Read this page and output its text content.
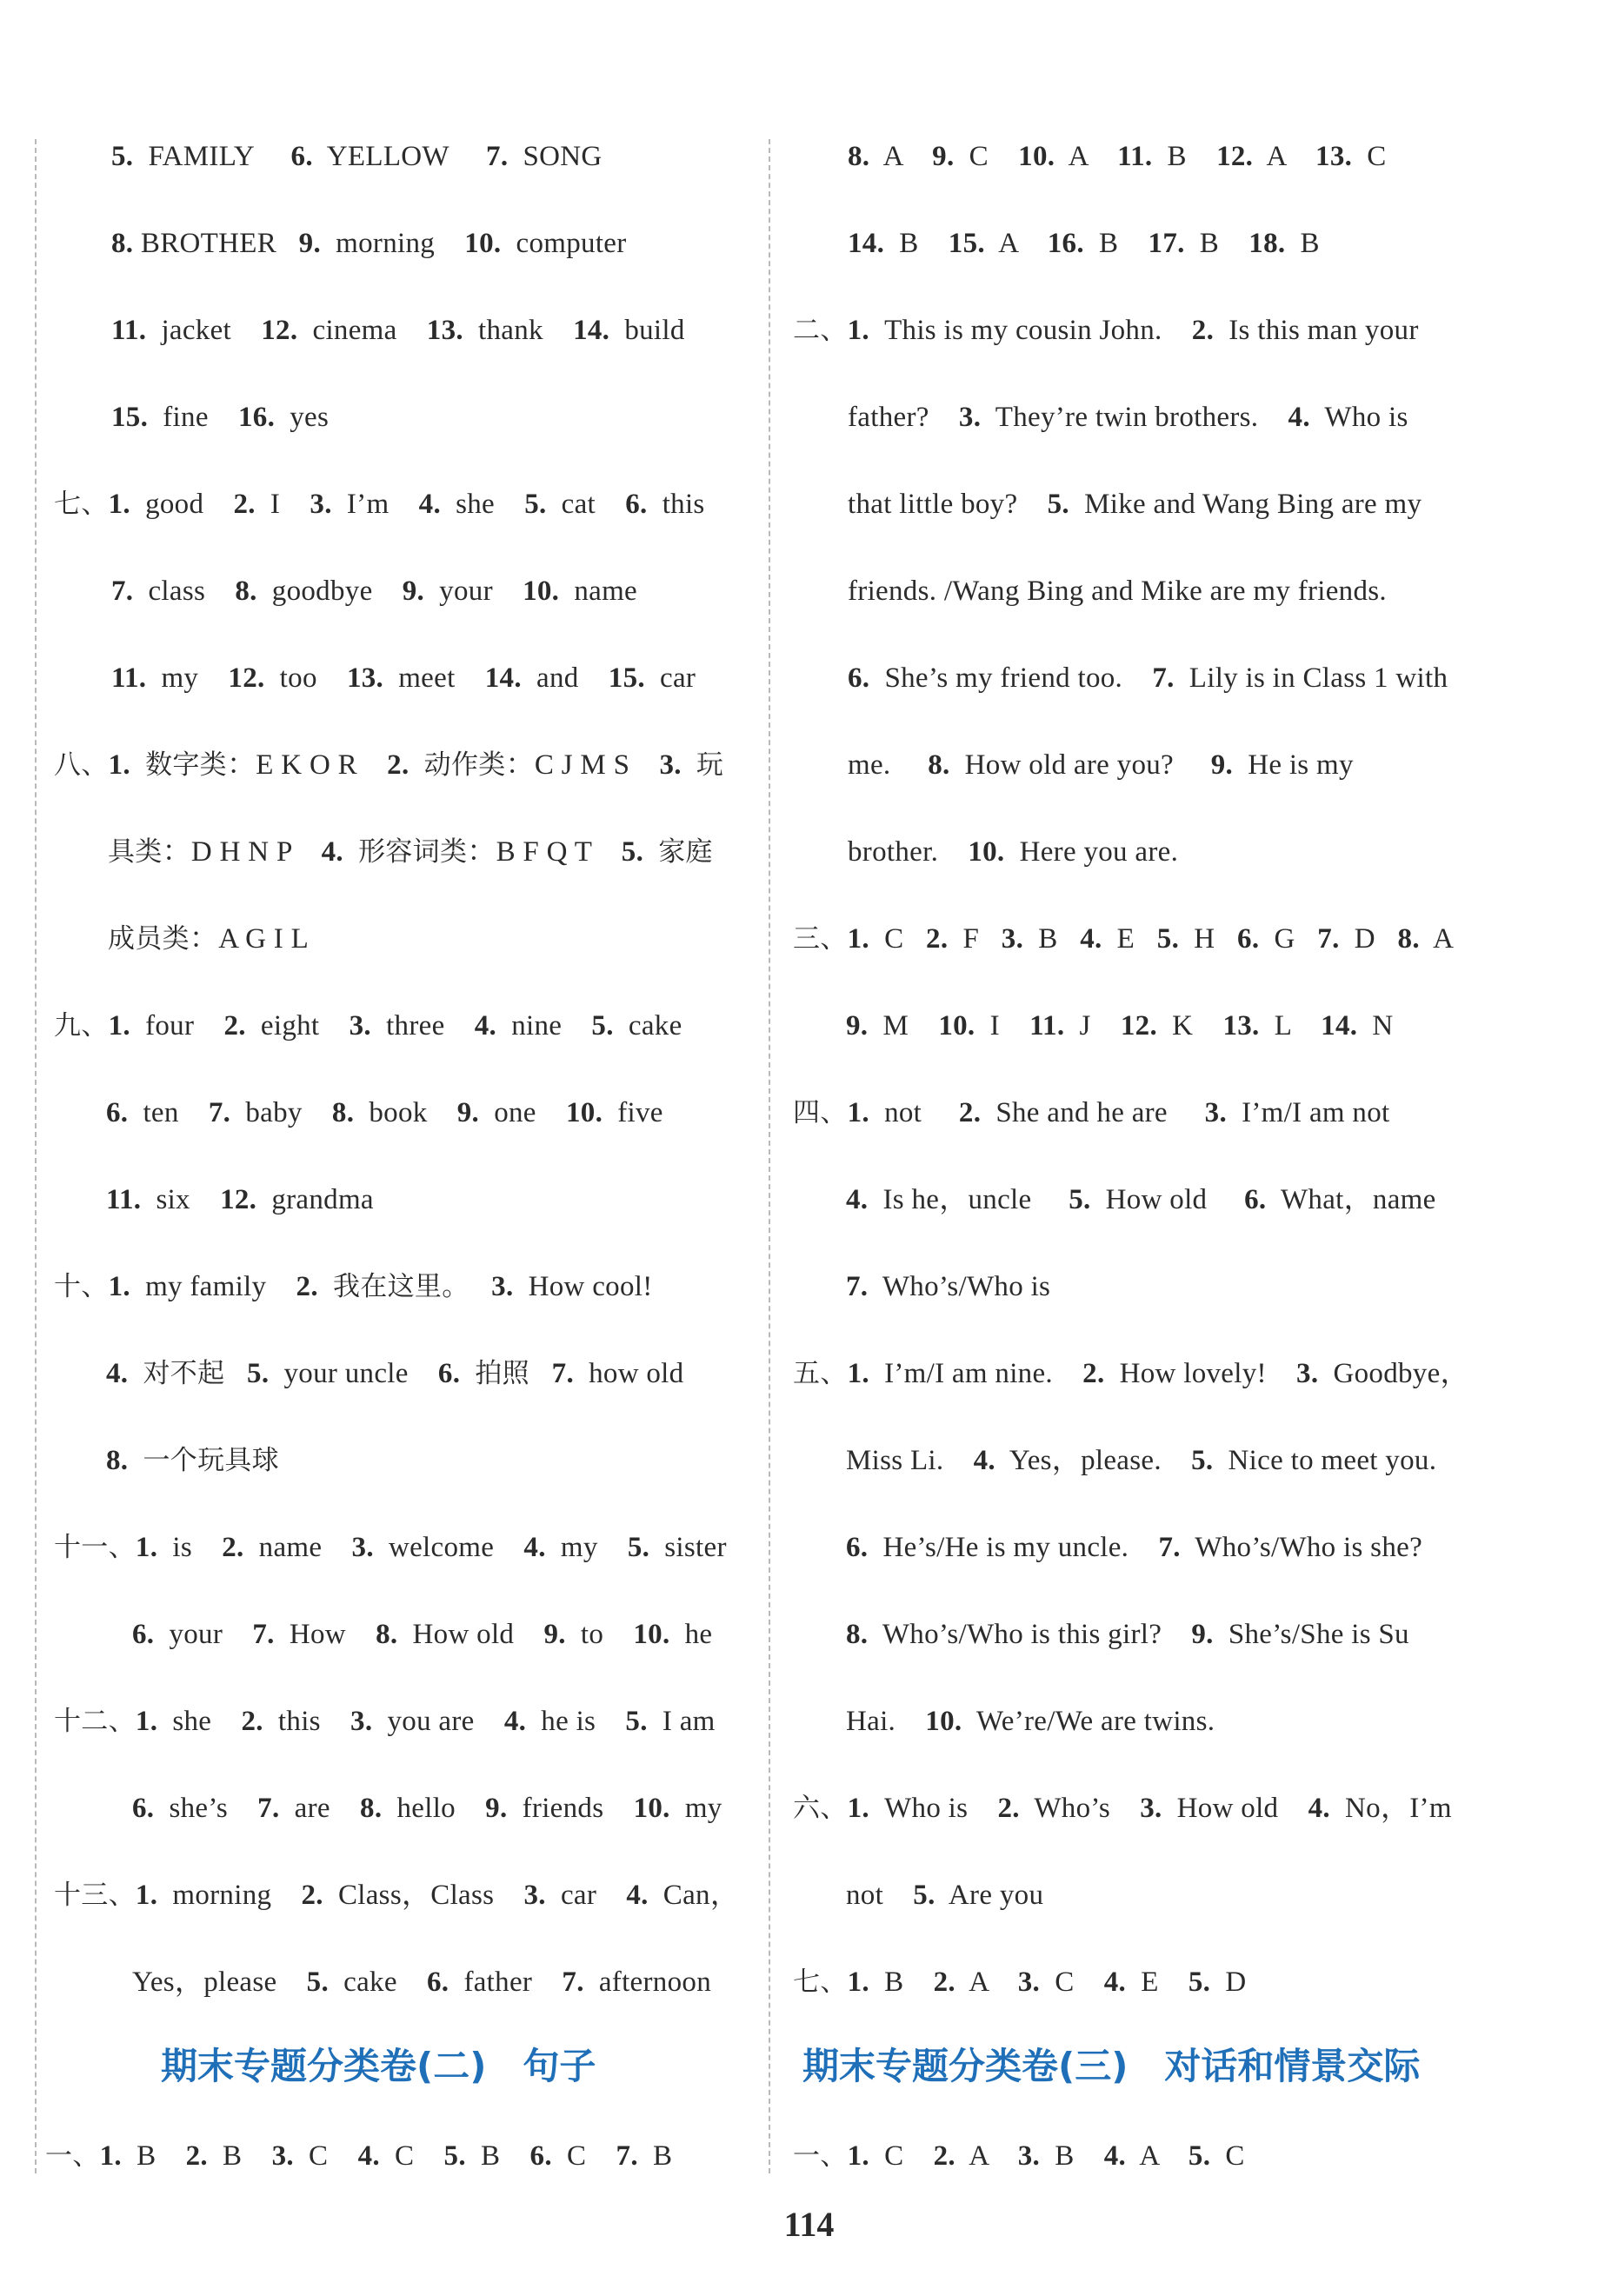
5.  FAMILY     6.  YELLOW     7.  SONG
8. BROTHER   9.  morning    10.  computer
11.  jacket    12.  cinema    13.  thank    14.  build
15.  fine    16.  yes
七、1.  good    2.  I    3.  I’m    4.  she    5.  cat    6.  this
7.  class    8.  goodbye    9.  your    10.  name
11.  my    12.  too    13.  meet    14.  and    15.  car
八、1. 数字类：E K O R    2. 动作类：C J M S    3. 玩
具类：D H N P    4. 形容词类：B F Q T    5. 家庭
成员类：A G I L
九、1.  four    2.  eight    3.  three    4.  nine    5.  cake
6.  ten    7.  baby    8.  book    9.  one    10.  five
11.  six    12.  grandma
十、1.  my family    2. 我在这里。 3.  How cool!
4. 对不起 5.  your uncle    6. 拍照 7.  how old
8. 一个玩具球
十一、1.  is    2.  name    3.  welcome    4.  my    5.  sister
6.  your    7.  How    8.  How old    9.  to    10.  he
十二、1.  she    2.  this    3.  you are    4.  he is    5.  I am
6.  she’s    7.  are    8.  hello    9.  friends    10.  my
十三、1.  morning    2.  Class，Class    3.  car    4.  Can，
Yes，please    5.  cake    6.  father    7.  afternoon
一、1.  B    2.  B    3.  C    4.  C    5.  B    6.  C    7.  B
8.  A    9.  C    10.  A    11.  B    12.  A    13.  C
14.  B    15.  A    16.  B    17.  B    18.  B
二、1.  This is my cousin John.    2.  Is this man your
father?    3.  They’re twin brothers.    4.  Who is
that little boy?    5.  Mike and Wang Bing are my
friends. /Wang Bing and Mike are my friends.
6.  She’s my friend too.    7.  Lily is in Class 1 with
me.     8.  How old are you?     9.  He is my
brother.    10.  Here you are.
三、1.  C   2.  F   3.  B   4.  E   5.  H   6.  G   7.  D   8.  A
9.  M    10.  I    11.  J    12.  K    13.  L    14.  N
四、1.  not     2.  She and he are     3.  I’m/I am not
4.  Is he，uncle     5.  How old     6.  What，name
7.  Who’s/Who is
五、1.  I’m/I am nine.    2.  How lovely!    3.  Goodbye，
Miss Li.    4.  Yes，please.    5.  Nice to meet you.
6.  He’s/He is my uncle.    7.  Who’s/Who is she?
8.  Who’s/Who is this girl?    9.  She’s/She is Su
Hai.    10.  We’re/We are twins.
六、1.  Who is    2.  Who’s    3.  How old    4.  No，I’m
not    5.  Are you
七、1.  B    2.  A    3.  C    4.  E    5.  D
一、1.  C    2.  A    3.  B    4.  A    5.  C
期末专题分类卷(二)　句子	期末专题分类卷(三)　对话和情景交际
114
